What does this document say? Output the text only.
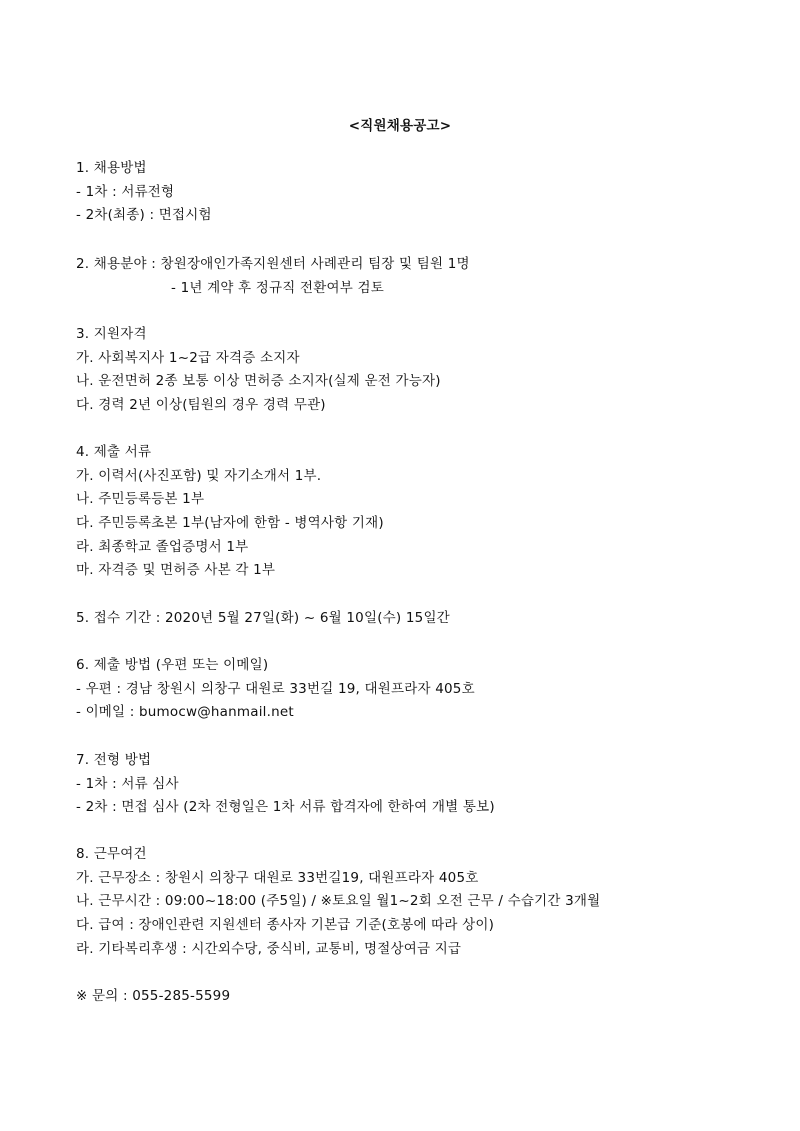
<직원채용공고>
1. 채용방법
- 1차 : 서류전형
- 2차(최종) : 면접시험
2. 채용분야 : 창원장애인가족지원센터 사례관리 팀장 및 팀원 1명
- 1년 계약 후 정규직 전환여부 검토
3. 지원자격
가. 사회복지사 1~2급 자격증 소지자
나. 운전면허 2종 보통 이상 면허증 소지자(실제 운전 가능자)
다. 경력 2년 이상(팀원의 경우 경력 무관)
4. 제출 서류
가. 이력서(사진포함) 및 자기소개서 1부.
나. 주민등록등본 1부
다. 주민등록초본 1부(남자에 한함 - 병역사항 기재)
라. 최종학교 졸업증명서 1부
마. 자격증 및 면허증 사본 각 1부
5. 접수 기간 : 2020년 5월 27일(화) ~ 6월 10일(수) 15일간
6. 제출 방법 (우편 또는 이메일)
- 우편 : 경남 창원시 의창구 대원로 33번길 19, 대원프라자 405호
- 이메일 : bumocw@hanmail.net
7. 전형 방법
- 1차 : 서류 심사
- 2차 : 면접 심사 (2차 전형일은 1차 서류 합격자에 한하여 개별 통보)
8. 근무여건
가. 근무장소 : 창원시 의창구 대원로 33번길19, 대원프라자 405호
나. 근무시간 : 09:00~18:00 (주5일) / ※토요일 월1~2회 오전 근무 / 수습기간 3개월
다. 급여 : 장애인관련 지원센터 종사자 기본급 기준(호봉에 따라 상이)
라. 기타복리후생 : 시간외수당, 중식비, 교통비, 명절상여금 지급
※ 문의 : 055-285-5599
